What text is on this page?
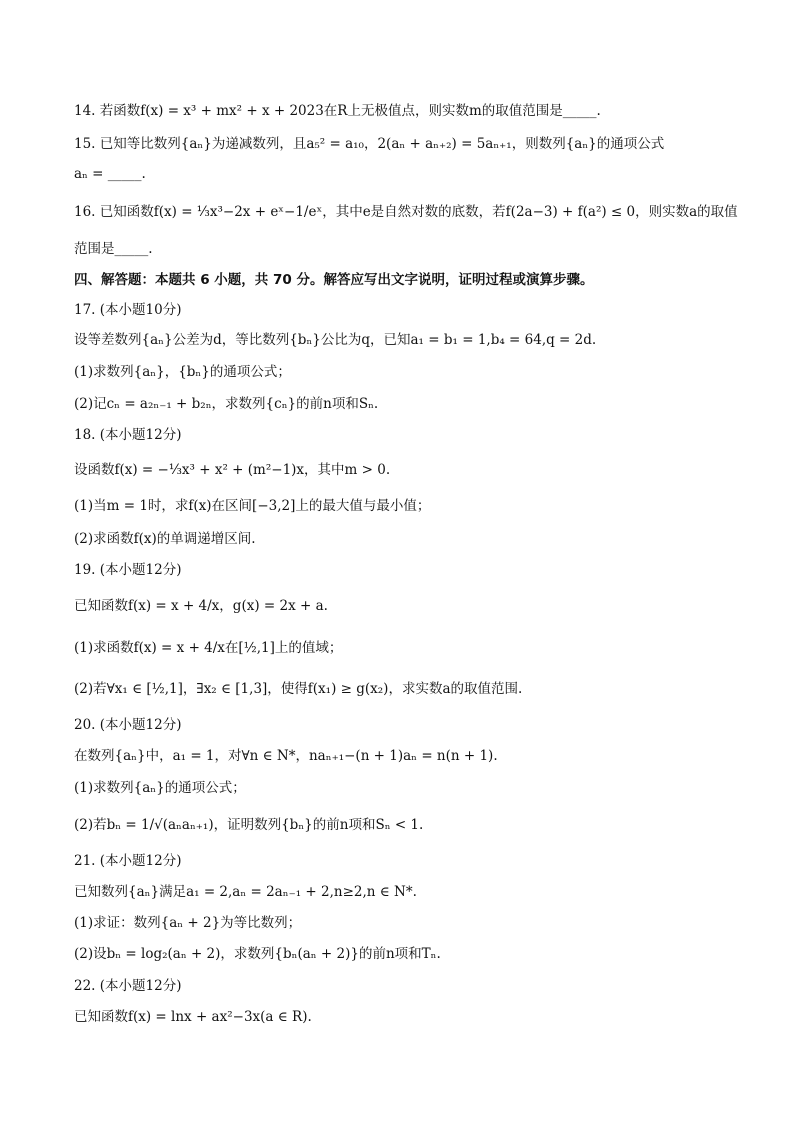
14. 若函数f(x) = x³ + mx² + x + 2023在R上无极值点，则实数m的取值范围是_____.
15. 已知等比数列{aₙ}为递减数列，且a₅² = a₁₀，2(aₙ + aₙ₊₂) = 5aₙ₊₁，则数列{aₙ}的通项公式
aₙ = _____.
16. 已知函数f(x) = ⅓x³−2x + eˣ−1/eˣ，其中e是自然对数的底数，若f(2a−3) + f(a²) ≤ 0，则实数a的取值
范围是_____.
四、解答题：本题共 6 小题，共 70 分。解答应写出文字说明，证明过程或演算步骤。
17. (本小题10分)
设等差数列{aₙ}公差为d，等比数列{bₙ}公比为q，已知a₁ = b₁ = 1,b₄ = 64,q = 2d.
(1)求数列{aₙ}，{bₙ}的通项公式；
(2)记cₙ = a₂ₙ₋₁ + b₂ₙ，求数列{cₙ}的前n项和Sₙ.
18. (本小题12分)
设函数f(x) = −⅓x³ + x² + (m²−1)x，其中m > 0.
(1)当m = 1时，求f(x)在区间[−3,2]上的最大值与最小值；
(2)求函数f(x)的单调递增区间.
19. (本小题12分)
已知函数f(x) = x + 4/x，g(x) = 2x + a.
(1)求函数f(x) = x + 4/x在[½,1]上的值域；
(2)若∀x₁ ∈ [½,1]，∃x₂ ∈ [1,3]，使得f(x₁) ≥ g(x₂)，求实数a的取值范围.
20. (本小题12分)
在数列{aₙ}中，a₁ = 1，对∀n ∈ N*，naₙ₊₁−(n + 1)aₙ = n(n + 1).
(1)求数列{aₙ}的通项公式；
(2)若bₙ = 1/√(aₙaₙ₊₁)，证明数列{bₙ}的前n项和Sₙ < 1.
21. (本小题12分)
已知数列{aₙ}满足a₁ = 2,aₙ = 2aₙ₋₁ + 2,n≥2,n ∈ N*.
(1)求证：数列{aₙ + 2}为等比数列；
(2)设bₙ = log₂(aₙ + 2)，求数列{bₙ(aₙ + 2)}的前n项和Tₙ.
22. (本小题12分)
已知函数f(x) = lnx + ax²−3x(a ∈ R).
